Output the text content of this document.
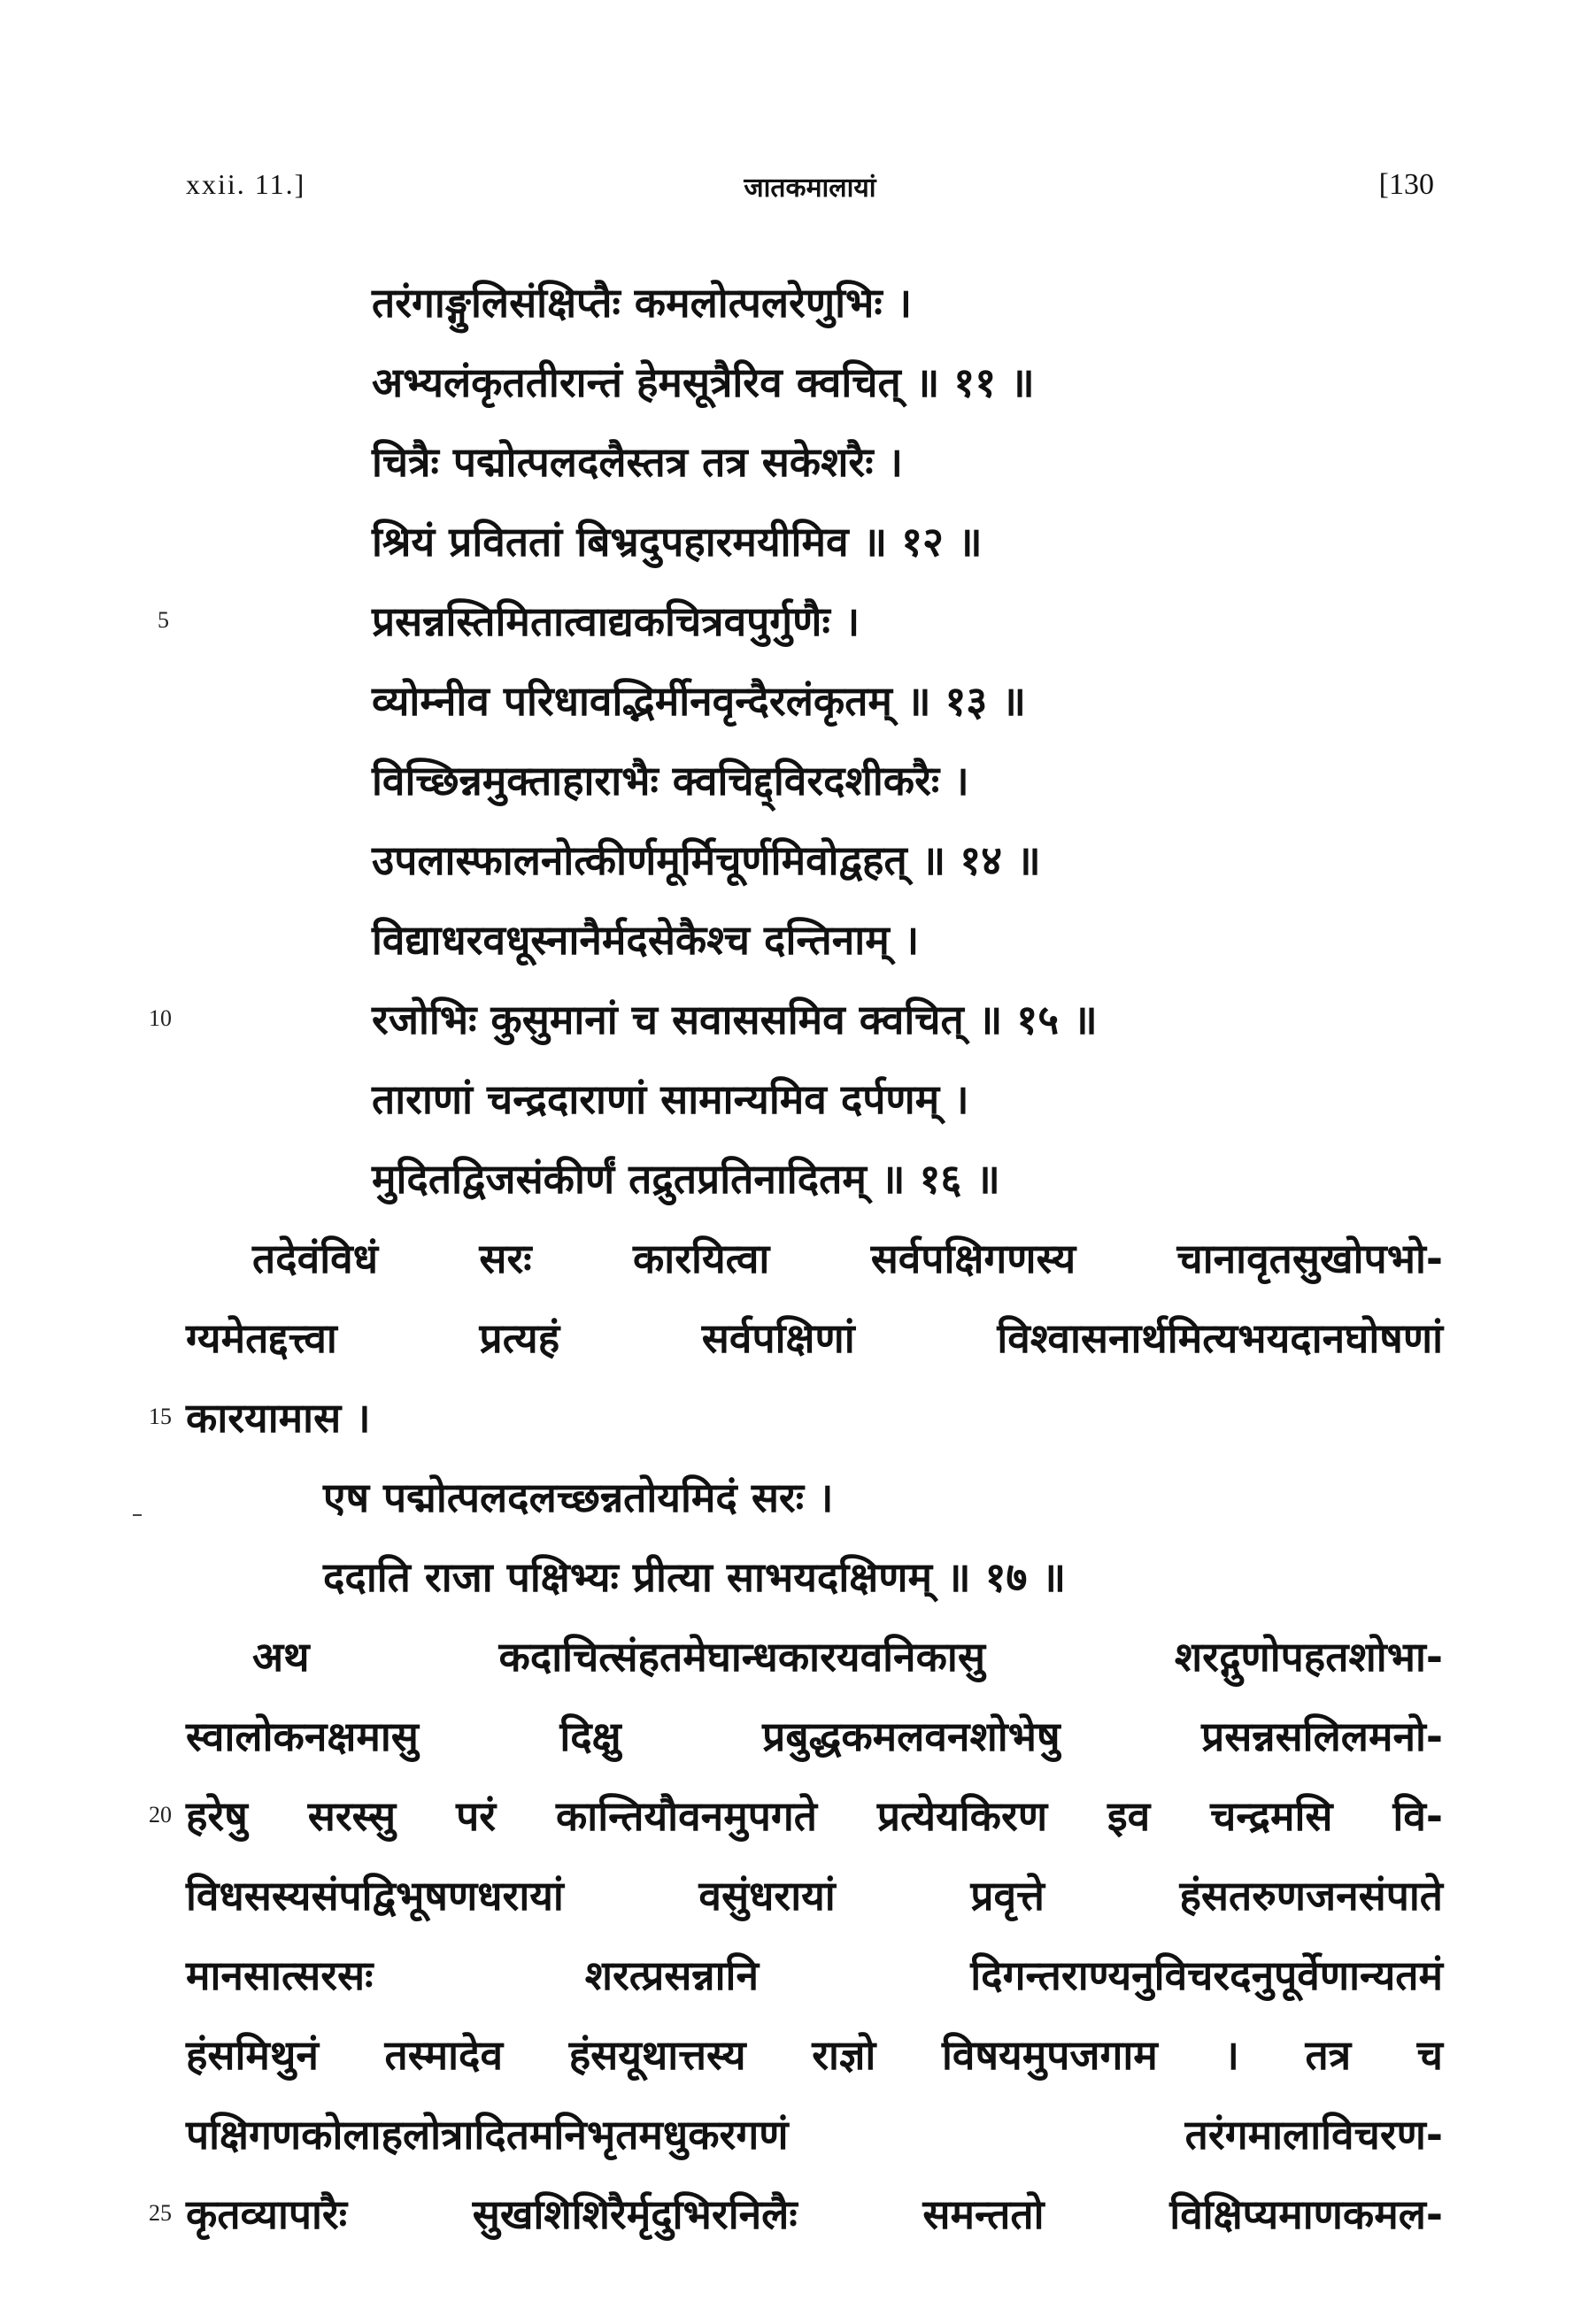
xxii. 11.]	जातकमालायां	[130
तरंगाङ्गुलिसंक्षिप्तैः कमलोत्पलरेणुभिः ।
अभ्यलंकृततीरान्तं हेमसूत्रैरिव क्वचित् ॥ ११ ॥
चित्रैः पद्मोत्पलदलैस्तत्र तत्र सकेशरैः ।
श्रियं प्रविततां बिभ्रदुपहारमयीमिव ॥ १२ ॥
प्रसन्नस्तिमितात्वाद्यकचित्रवपुर्गुणैः ।
व्योम्नीव परिधावद्भिर्मीनवृन्दैरलंकृतम् ॥ १३ ॥
विच्छिन्नमुक्ताहाराभैः क्वचिद्द्विरदशीकरैः ।
उपलास्फालनोत्कीर्णमूर्मिचूर्णमिवोद्वहत् ॥ १४ ॥
विद्याधरवधूस्नानैर्मदसेकैश्च दन्तिनाम् ।
रजोभिः कुसुमानां च सवाससमिव क्वचित् ॥ १५ ॥
ताराणां चन्द्रदाराणां सामान्यमिव दर्पणम् ।
मुदितद्विजसंकीर्णं तद्रुतप्रतिनादितम् ॥ १६ ॥
तदेवंविधं सरः कारयित्वा सर्वपक्षिगणस्य चानावृतसुखोपभो-
ग्यमेतद्दत्त्वा प्रत्यहं सर्वपक्षिणां विश्वासनार्थमित्यभयदानघोषणां
कारयामास ।
एष पद्मोत्पलदलच्छन्नतोयमिदं सरः ।
ददाति राजा पक्षिभ्यः प्रीत्या साभयदक्षिणम् ॥ १७ ॥
अथ कदाचित्संहतमेघान्धकारयवनिकासु शरद्गुणोपहतशोभा-
स्वालोकनक्षमासु दिक्षु प्रबुद्धकमलवनशोभेषु प्रसन्नसलिलमनो-
हरेषु सरस्सु परं कान्तियौवनमुपगते प्रत्येयकिरण इव चन्द्रमसि वि-
विधसस्यसंपद्विभूषणधरायां वसुंधरायां प्रवृत्ते हंसतरुणजनसंपाते
मानसात्सरसः शरत्प्रसन्नानि दिगन्तराण्यनुविचरदनुपूर्वेणान्यतमं
हंसमिथुनं तस्मादेव हंसयूथात्तस्य राज्ञो विषयमुपजगाम । तत्र च
पक्षिगणकोलाहलोत्रादितमनिभृतमधुकरगणं तरंगमालाविचरण-
कृतव्यापारैः सुखशिशिरैर्मृदुभिरनिलैः समन्ततो विक्षिप्यमाणकमल-
5
10
15
20
25
